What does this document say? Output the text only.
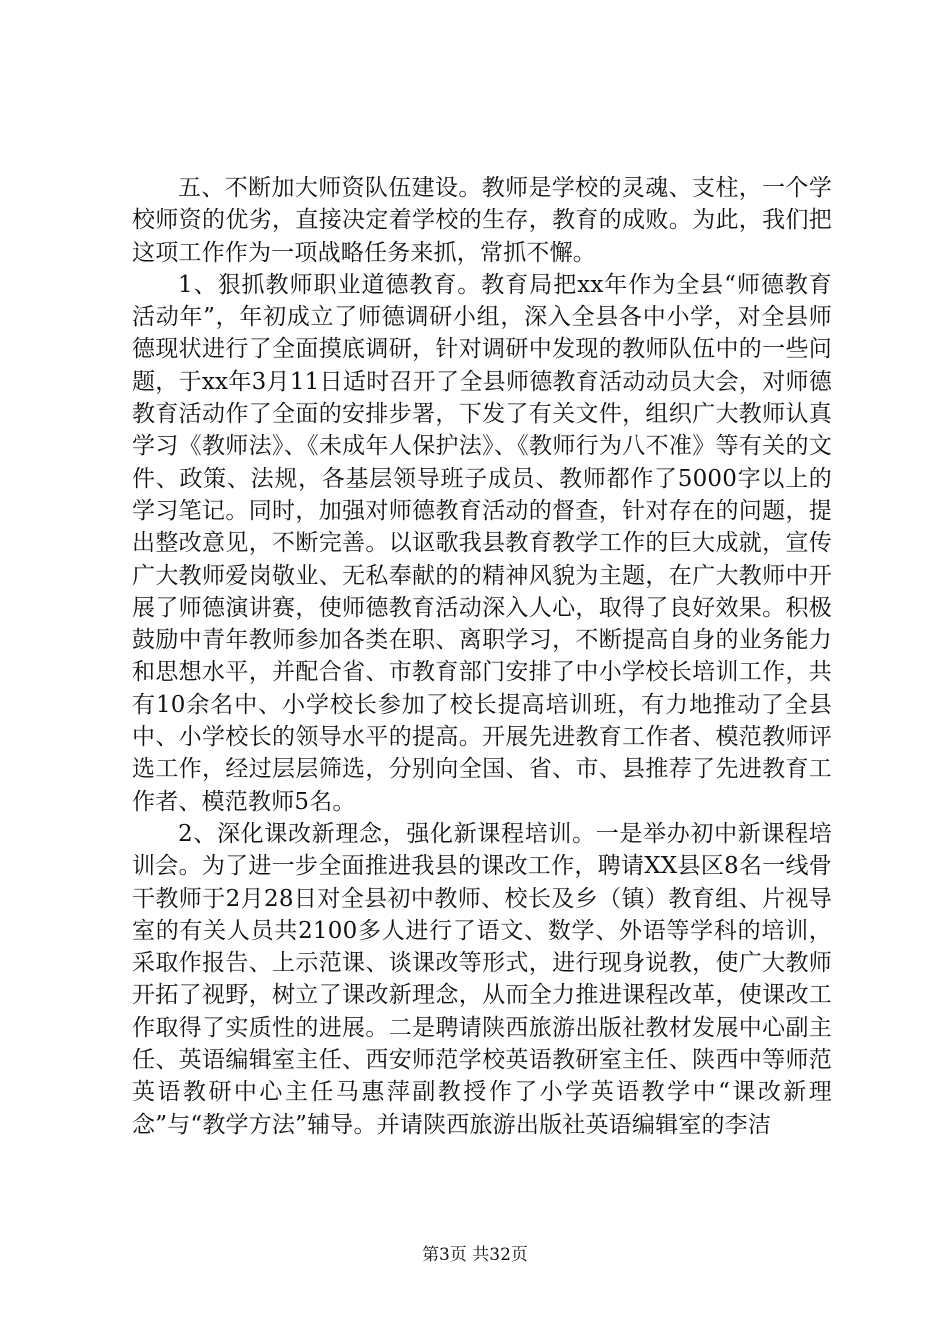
五、不断加大师资队伍建设。教师是学校的灵魂、支柱，一个学校师资的优劣，直接决定着学校的生存，教育的成败。为此，我们把这项工作作为一项战略任务来抓，常抓不懈。

1、狠抓教师职业道德教育。教育局把xx年作为全县“师德教育活动年”，年初成立了师德调研小组，深入全县各中小学，对全县师德现状进行了全面摸底调研，针对调研中发现的教师队伍中的一些问题，于xx年3月11日适时召开了全县师德教育活动动员大会，对师德教育活动作了全面的安排步署，下发了有关文件，组织广大教师认真学习《教师法》、《未成年人保护法》、《教师行为八不准》等有关的文件、政策、法规，各基层领导班子成员、教师都作了5000字以上的学习笔记。同时，加强对师德教育活动的督查，针对存在的问题，提出整改意见，不断完善。以讴歌我县教育教学工作的巨大成就，宣传广大教师爱岗敬业、无私奉献的的精神风貌为主题，在广大教师中开展了师德演讲赛，使师德教育活动深入人心，取得了良好效果。积极鼓励中青年教师参加各类在职、离职学习，不断提高自身的业务能力和思想水平，并配合省、市教育部门安排了中小学校长培训工作，共有10余名中、小学校长参加了校长提高培训班，有力地推动了全县中、小学校长的领导水平的提高。开展先进教育工作者、模范教师评选工作，经过层层筛选，分别向全国、省、市、县推荐了先进教育工作者、模范教师5名。

2、深化课改新理念，强化新课程培训。一是举办初中新课程培训会。为了进一步全面推进我县的课改工作，聘请XX县区8名一线骨干教师于2月28日对全县初中教师、校长及乡（镇）教育组、片视导室的有关人员共2100多人进行了语文、数学、外语等学科的培训，采取作报告、上示范课、谈课改等形式，进行现身说教，使广大教师开拓了视野，树立了课改新理念，从而全力推进课程改革，使课改工作取得了实质性的进展。二是聘请陕西旅游出版社教材发展中心副主任、英语编辑室主任、西安师范学校英语教研室主任、陕西中等师范英语教研中心主任马惠萍副教授作了小学英语教学中“课改新理念”与“教学方法”辅导。并请陕西旅游出版社英语编辑室的李洁

第3页 共32页
